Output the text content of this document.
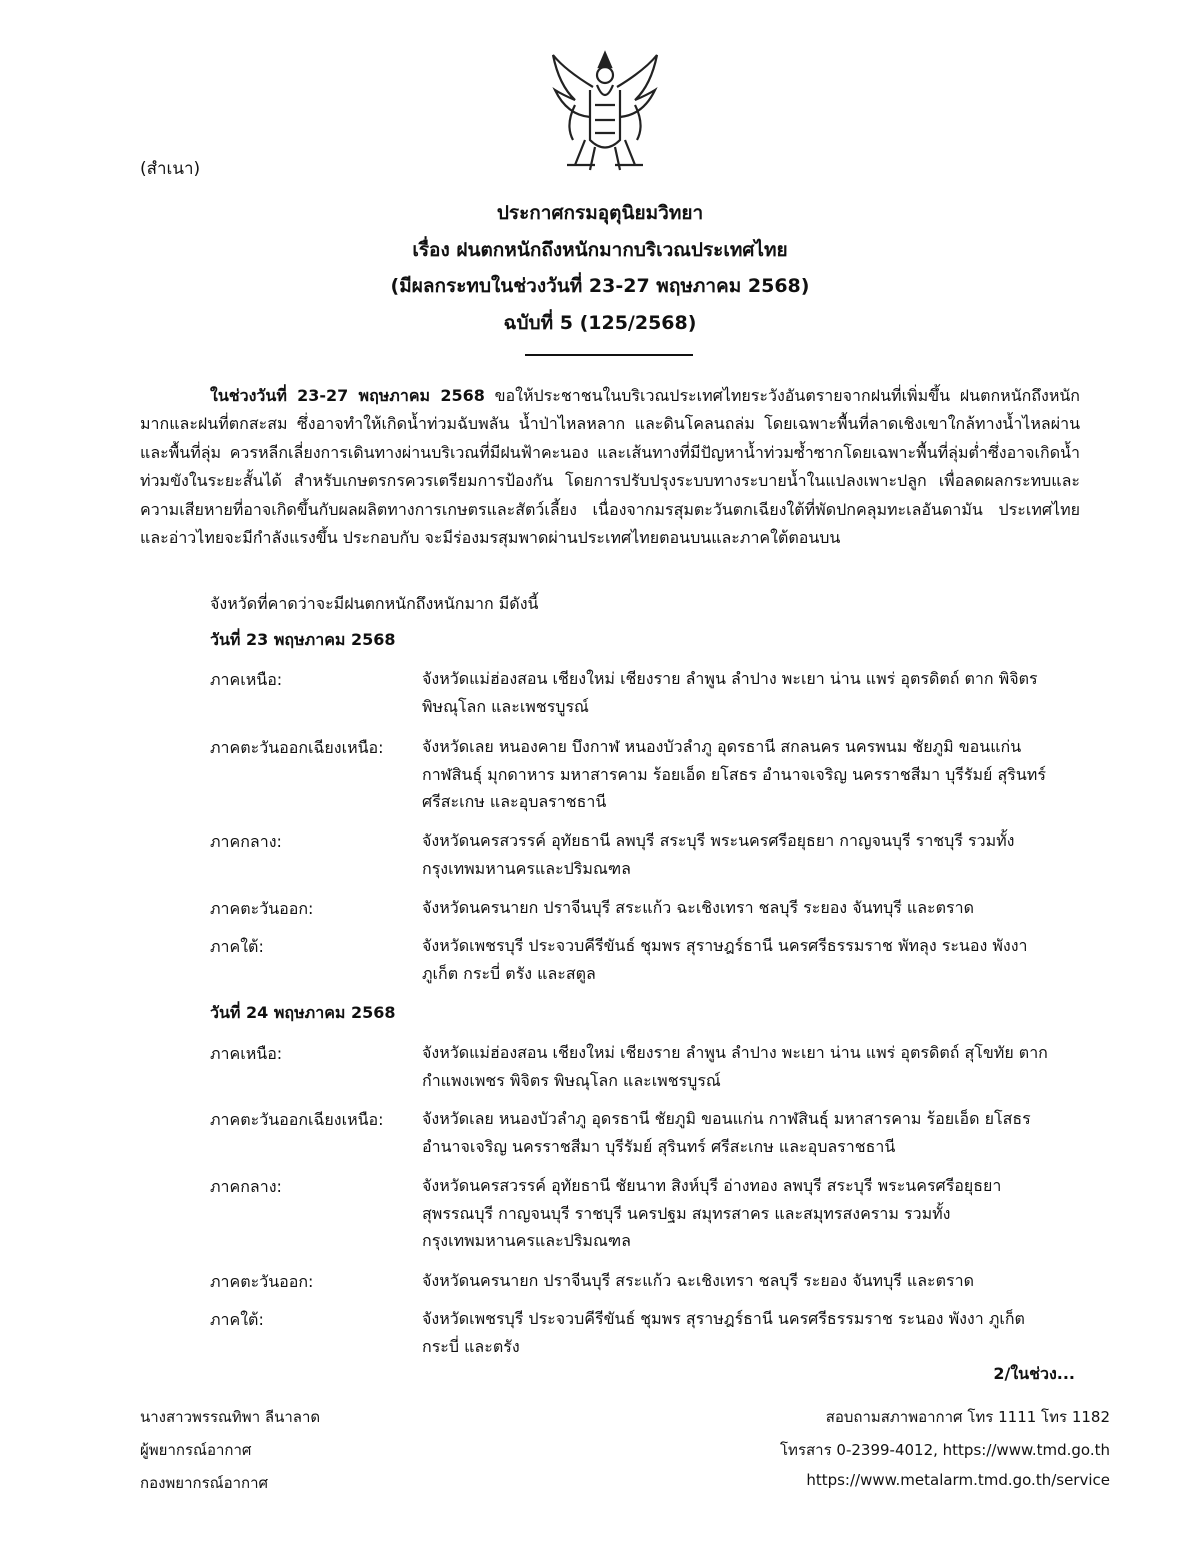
(สำเนา)
ประกาศกรมอุตุนิยมวิทยา
เรื่อง ฝนตกหนักถึงหนักมากบริเวณประเทศไทย
(มีผลกระทบในช่วงวันที่ 23-27 พฤษภาคม 2568)
ฉบับที่ 5 (125/2568)
ในช่วงวันที่ 23-27 พฤษภาคม 2568 ขอให้ประชาชนในบริเวณประเทศไทยระวังอันตรายจากฝนที่เพิ่มขึ้น ฝนตกหนักถึงหนักมากและฝนที่ตกสะสม ซึ่งอาจทำให้เกิดน้ำท่วมฉับพลัน น้ำป่าไหลหลาก และดินโคลนถล่ม โดยเฉพาะพื้นที่ลาดเชิงเขาใกล้ทางน้ำไหลผ่านและพื้นที่ลุ่ม ควรหลีกเลี่ยงการเดินทางผ่านบริเวณที่มีฝนฟ้าคะนอง และเส้นทางที่มีปัญหาน้ำท่วมซ้ำซากโดยเฉพาะพื้นที่ลุ่มต่ำซึ่งอาจเกิดน้ำท่วมขังในระยะสั้นได้ สำหรับเกษตรกรควรเตรียมการป้องกัน โดยการปรับปรุงระบบทางระบายน้ำในแปลงเพาะปลูก เพื่อลดผลกระทบและความเสียหายที่อาจเกิดขึ้นกับผลผลิตทางการเกษตรและสัตว์เลี้ยง เนื่องจากมรสุมตะวันตกเฉียงใต้ที่พัดปกคลุมทะเลอันดามัน ประเทศไทย และอ่าวไทยจะมีกำลังแรงขึ้น ประกอบกับ จะมีร่องมรสุมพาดผ่านประเทศไทยตอนบนและภาคใต้ตอนบน
จังหวัดที่คาดว่าจะมีฝนตกหนักถึงหนักมาก มีดังนี้
วันที่ 23 พฤษภาคม 2568
ภาคเหนือ:	จังหวัดแม่ฮ่องสอน เชียงใหม่ เชียงราย ลำพูน ลำปาง พะเยา น่าน แพร่ อุตรดิตถ์ ตาก พิจิตร พิษณุโลก และเพชรบูรณ์
ภาคตะวันออกเฉียงเหนือ: จังหวัดเลย หนองคาย บึงกาฬ หนองบัวลำภู อุดรธานี สกลนคร นครพนม ชัยภูมิ ขอนแก่น กาฬสินธุ์ มุกดาหาร มหาสารคาม ร้อยเอ็ด ยโสธร อำนาจเจริญ นครราชสีมา บุรีรัมย์ สุรินทร์ ศรีสะเกษ และอุบลราชธานี
ภาคกลาง:	จังหวัดนครสวรรค์ อุทัยธานี ลพบุรี สระบุรี พระนครศรีอยุธยา กาญจนบุรี ราชบุรี รวมทั้งกรุงเทพมหานครและปริมณฑล
ภาคตะวันออก:	จังหวัดนครนายก ปราจีนบุรี สระแก้ว ฉะเชิงเทรา ชลบุรี ระยอง จันทบุรี และตราด
ภาคใต้:	จังหวัดเพชรบุรี ประจวบคีรีขันธ์ ชุมพร สุราษฎร์ธานี นครศรีธรรมราช พัทลุง ระนอง พังงา ภูเก็ต กระบี่ ตรัง และสตูล
วันที่ 24 พฤษภาคม 2568
ภาคเหนือ:	จังหวัดแม่ฮ่องสอน เชียงใหม่ เชียงราย ลำพูน ลำปาง พะเยา น่าน แพร่ อุตรดิตถ์ สุโขทัย ตาก กำแพงเพชร พิจิตร พิษณุโลก และเพชรบูรณ์
ภาคตะวันออกเฉียงเหนือ: จังหวัดเลย หนองบัวลำภู อุดรธานี ชัยภูมิ ขอนแก่น กาฬสินธุ์ มหาสารคาม ร้อยเอ็ด ยโสธร อำนาจเจริญ นครราชสีมา บุรีรัมย์ สุรินทร์ ศรีสะเกษ และอุบลราชธานี
ภาคกลาง:	จังหวัดนครสวรรค์ อุทัยธานี ชัยนาท สิงห์บุรี อ่างทอง ลพบุรี สระบุรี พระนครศรีอยุธยา สุพรรณบุรี กาญจนบุรี ราชบุรี นครปฐม สมุทรสาคร และสมุทรสงคราม รวมทั้งกรุงเทพมหานครและปริมณฑล
ภาคตะวันออก:	จังหวัดนครนายก ปราจีนบุรี สระแก้ว ฉะเชิงเทรา ชลบุรี ระยอง จันทบุรี และตราด
ภาคใต้:	จังหวัดเพชรบุรี ประจวบคีรีขันธ์ ชุมพร สุราษฎร์ธานี นครศรีธรรมราช ระนอง พังงา ภูเก็ต กระบี่ และตรัง
2/ในช่วง...
นางสาวพรรณทิพา ลีนาลาด
ผู้พยากรณ์อากาศ
กองพยากรณ์อากาศ
สอบถามสภาพอากาศ โทร 1111 โทร 1182
โทรสาร 0-2399-4012, https://www.tmd.go.th
https://www.metalarm.tmd.go.th/service
